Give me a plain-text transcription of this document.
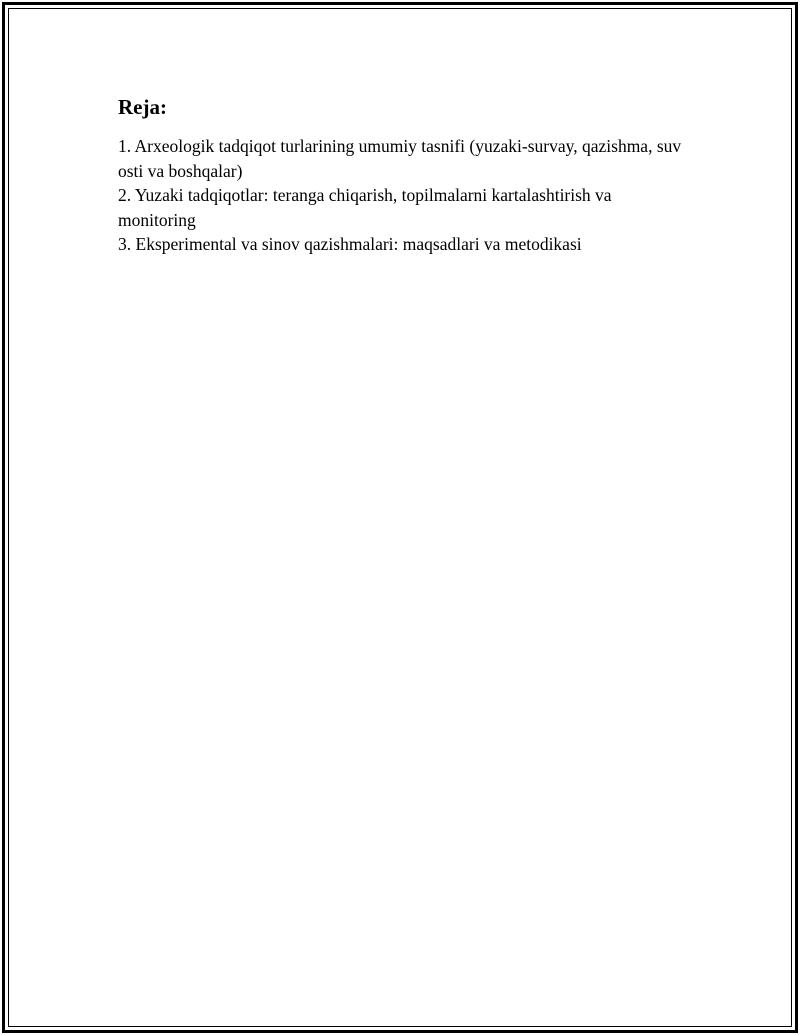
Reja:
1. Arxeologik tadqiqot turlarining umumiy tasnifi (yuzaki-survay, qazishma, suv osti va boshqalar)
2. Yuzaki tadqiqotlar: teranga chiqarish, topilmalarni kartalashtirish va monitoring
3. Eksperimental va sinov qazishmalari: maqsadlari va metodikasi
